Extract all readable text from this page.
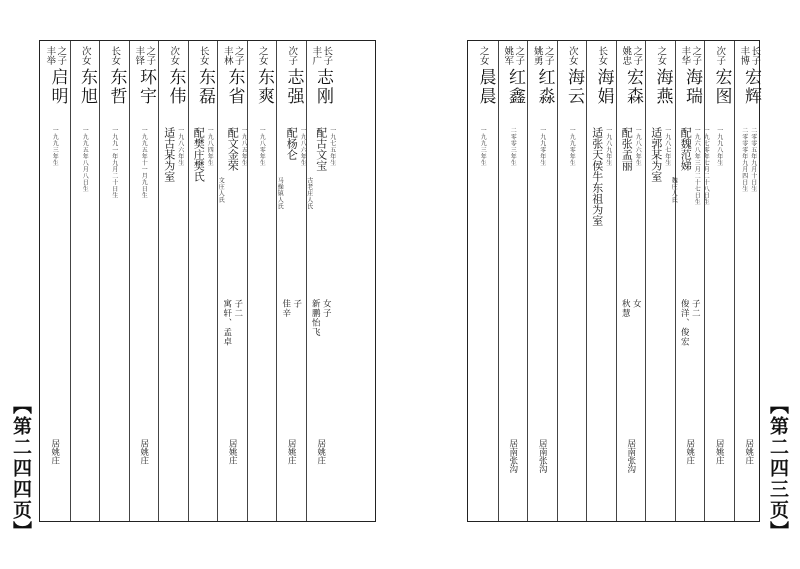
之子
丰举
启明
一九九三年生
居姚庄
次女
东旭
一九九五年八月八日生
长女
东哲
一九九一年九月二十日生
之子
丰铎
环宇
一九九五年十一月九日生
居姚庄
次女
东伟
一九八六年生
适古某为室
长女
东磊
一九八四年生
配樊庄樊氏
之子
丰林
东省
一九八五年生
配文金荣
文庄人氏
子二
寓轩、孟卓
居姚庄
之女
东爽
一九八零年生
次子
志强
一九八六年生
配杨仑
马操镇人氏
子
佳辛
居姚庄
长子
丰广
志刚
一九七五年生
配古文宝
古老庄人氏
女子
新鹏怡飞
居姚庄
之女
晨晨
一九九三年生
之子
姚军
红鑫
二零零三年生
居南张沟
之子
姚勇
红淼
一九九零年生
居南张沟
次女
海云
一九九零年生
长女
海娟
一九八九年生
适张天侯牛东祖为室
之子
姚忠
宏森
一九八六年生
配张孟丽
女
秋慧
居南张沟
之女
海燕
一九八七年生
适郭某为室
之子
丰华
海瑞
一九七零年七月二十八日生
一九六八年三月二十七日生
配魏范娣
魏庄人氏
子二
俊洋、俊宏
居姚庄
次子
宏图
一九九八年生
居姚庄
长子
丰博
宏辉
二零零五年九月十日生
二零零零年九月四日生
居姚庄
【第二四四页】	【第二四三页】
